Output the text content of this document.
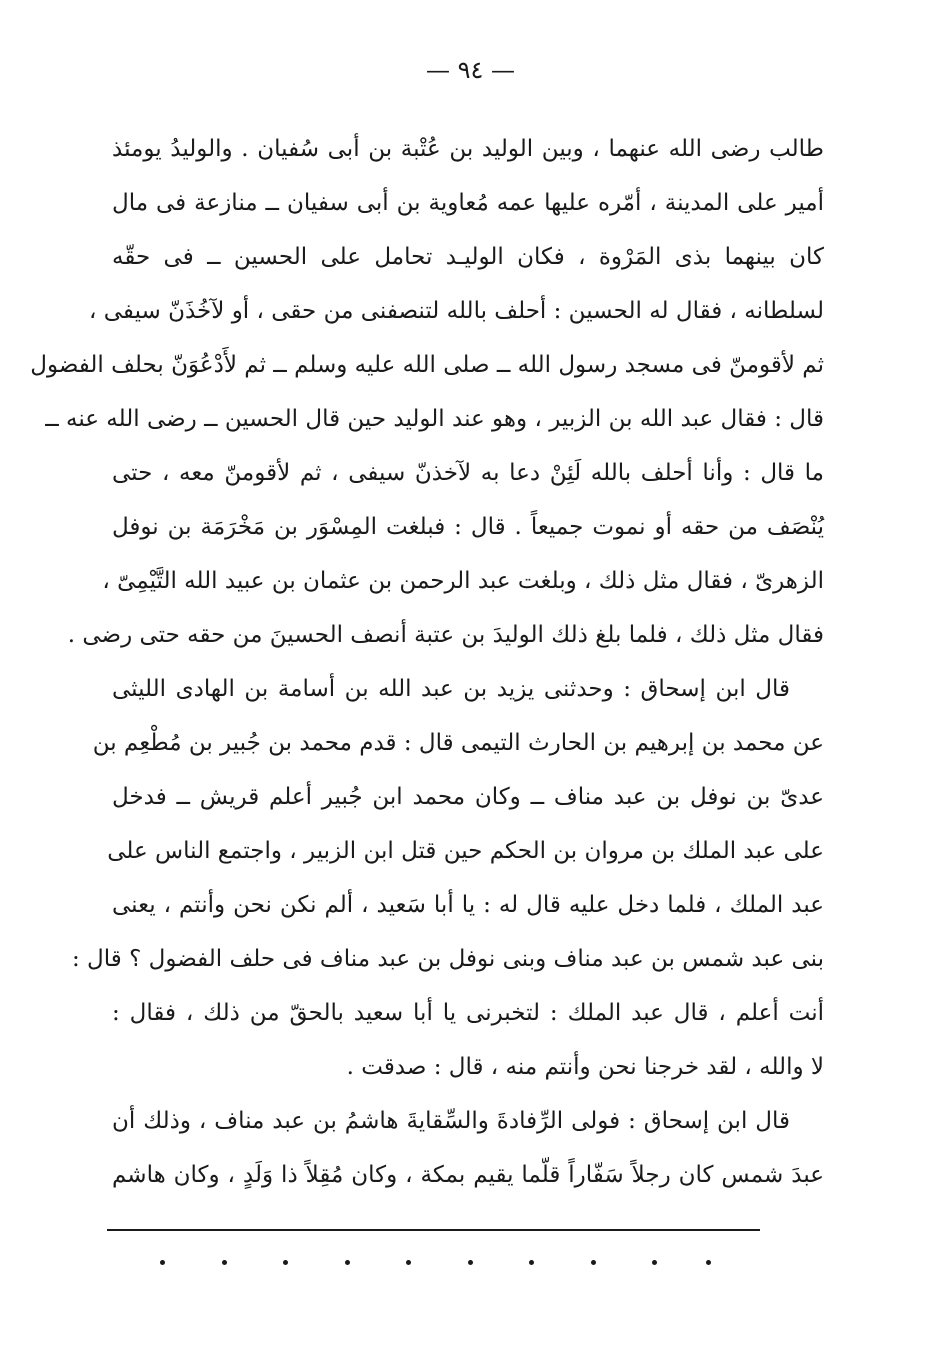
— ٩٤ —
طالب رضى الله عنهما ، وبين الوليد بن عُتْبة بن أبى سُفيان . والوليدُ يومئذ
أمير على المدينة ، أمّره عليها عمه مُعاوية بن أبى سفيان ــ منازعة فى مال
كان بينهما بذى المَرْوة ، فكان الوليـد تحامل على الحسين ــ فى حقّه
لسلطانه ، فقال له الحسين : أحلف بالله لتنصفنى من حقى ، أو لآخُذَنّ سيفى ،
ثم لأقومنّ فى مسجد رسول الله ــ صلى الله عليه وسلم ــ ثم لأَدْعُوَنّ بحلف الفضول
قال : فقال عبد الله بن الزبير ، وهو عند الوليد حين قال الحسين ــ رضى الله عنه ــ
ما قال : وأنا أحلف بالله لَئِنْ دعا به لآخذنّ سيفى ، ثم لأقومنّ معه ، حتى
يُنْصَف من حقه أو نموت جميعاً . قال : فبلغت المِسْوَر بن مَخْرَمَة بن نوفل
الزهرىّ ، فقال مثل ذلك ، وبلغت عبد الرحمن بن عثمان بن عبيد الله التَّيْمِىّ ،
فقال مثل ذلك ، فلما بلغ ذلك الوليدَ بن عتبة أنصف الحسينَ من حقه حتى رضى .
قال ابن إسحاق : وحدثنى يزيد بن عبد الله بن أسامة بن الهادى الليثى
عن محمد بن إبرهيم بن الحارث التيمى قال : قدم محمد بن جُبير بن مُطْعِم بن
عدىّ بن نوفل بن عبد مناف ــ وكان محمد ابن جُبير أعلم قريش ــ فدخل
على عبد الملك بن مروان بن الحكم حين قتل ابن الزبير ، واجتمع الناس على
عبد الملك ، فلما دخل عليه قال له : يا أبا سَعيد ، ألم نكن نحن وأنتم ، يعنى
بنى عبد شمس بن عبد مناف وبنى نوفل بن عبد مناف فى حلف الفضول ؟ قال :
أنت أعلم ، قال عبد الملك : لتخبرنى يا أبا سعيد بالحقّ من ذلك ، فقال :
لا والله ، لقد خرجنا نحن وأنتم منه ، قال : صدقت .
قال ابن إسحاق : فولى الرِّفادةَ والسِّقايةَ هاشمُ بن عبد مناف ، وذلك أن
عبدَ شمس كان رجلاً سَفّاراً قلّما يقيم بمكة ، وكان مُقِلاً ذا وَلَدٍ ، وكان هاشم
